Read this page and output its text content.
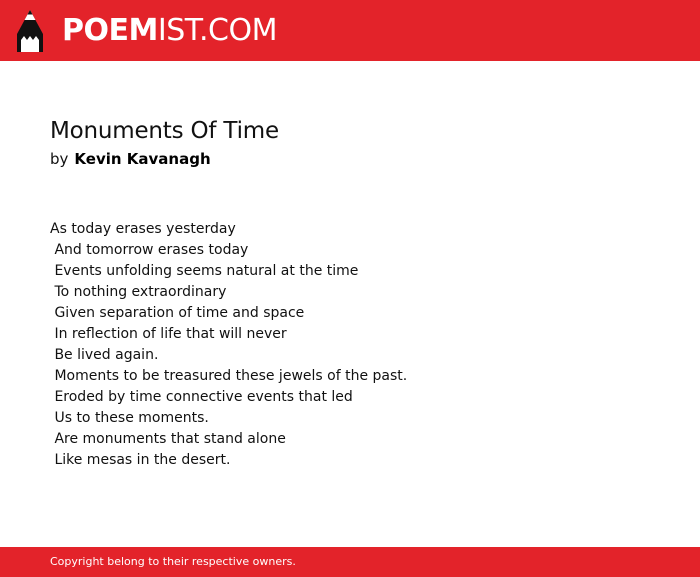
POEMIST.COM
Monuments Of Time
by Kevin Kavanagh
As today erases yesterday
And tomorrow erases today
Events unfolding seems natural at the time
To nothing extraordinary
Given separation of time and space
In reflection of life that will never
Be lived again.
Moments to be treasured these jewels of the past.
Eroded by time connective events that led
Us to these moments.
Are monuments that stand alone
Like mesas in the desert.
Copyright belong to their respective owners.
